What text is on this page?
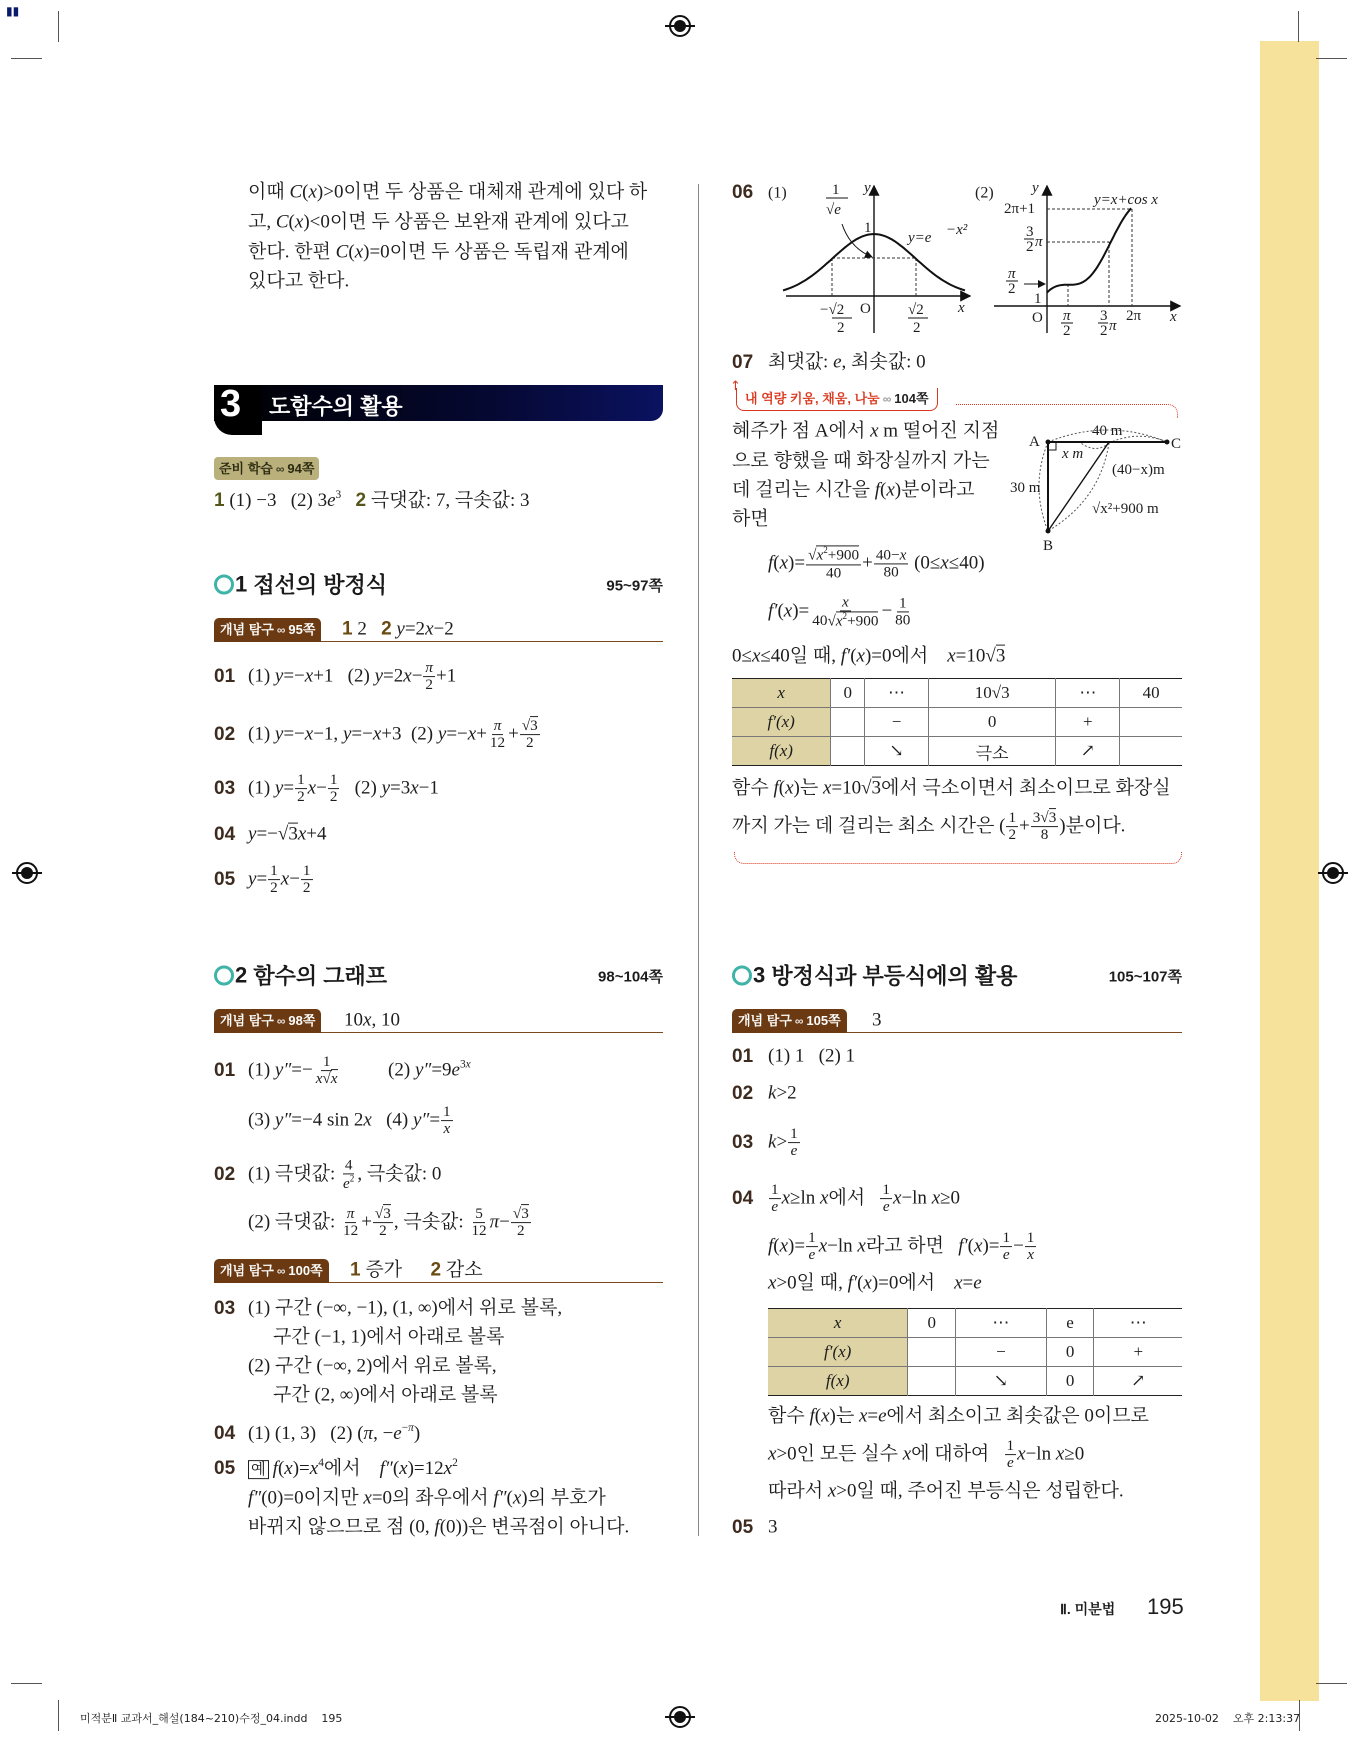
▮▮
이때 C(x)>0이면 두 상품은 대체재 관계에 있다 하
고, C(x)<0이면 두 상품은 보완재 관계에 있다고
한다. 한편 C(x)=0이면 두 상품은 독립재 관계에
있다고 한다.
3 도함수의 활용
준비 학습 ∞ 94쪽
1 (1) −3   (2) $3e^3$ 2 극댓값: 7, 극솟값: 3
1
접선의 방정식	95~97쪽
개념 탐구 ∞ 95쪽	1 2   2 y=2x−2
01 (1) y=−x+1   (2) $y=2x- \frac{\pi}{2} +1$
02 (1) y=−x−1, y=−x+3  (2) $y=-x+ \frac{\pi}{12}$ + √ $\frac{3}{2}$
03 (1) $y= \frac{1}{2} x- \frac{1}{2} (2)$ y=3x−1
04 y=− √ 3x+4
05 $y= \frac{1}{2} x- \frac{1}{2}$
2
함수의 그래프	98~104쪽
개념 탐구 ∞ 98쪽	10x, 10
01 (1) $y''=- \frac{1}{x √ x} (2)$ $y''=9e^{3x}$
(3) y″=−4 sin 2x   (4) $y''= \frac{1}{x}$
02 (1) 극댓값: $\frac{4}{e^2}$ , 극솟값: 0
(2) 극댓값: $\frac{\pi}{12}$ + √ $\frac{3}{2}$ , 극솟값: $\frac{5}{12} \pi-$ √ $\frac{3}{2}$
개념 탐구 ∞ 100쪽	1 증가      2 감소
03 (1) 구간 (−∞, −1), (1, ∞)에서 위로 볼록,
구간 (−1, 1)에서 아래로 볼록
(2) 구간 (−∞, 2)에서 위로 볼록,
구간 (2, ∞)에서 아래로 볼록
04 (1) (1, 3)   (2) (π, $-e^{-\pi}$)
05 예 $f(x)=x^4$에서    $f''(x)=12x^2$
f″(0)=0이지만 x=0의 좌우에서 f″(x)의 부호가
바뀌지 않으므로 점 (0, f(0))은 변곡점이 아니다.
06 (1)	(2)
y
x
O
1
1
√e
y=e −x²
−√2
2
√2
2
y
y=x+cos x
2π+1
3
2 π
π
2
1
O π
2
3
2 π
2π x
07 최댓값: e, 최솟값: 0
내 역량 키움, 채움, 나눔 ∞ 104쪽
↑
혜주가 점 A에서 x m 떨어진 지점
으로 향했을 때 화장실까지 가는
데 걸리는 시간을 f(x)분이라고
하면
A	C
B
40 m
x m
(40−x)m
30 m
√x²+900 m
f(x)= √ $\frac{x^2+900}{40} + \frac{40-x}{80} (0\le x\le 40)$
$f'(x)= \frac{x}{40 √ x^2+900} - \frac{1}{80}$
0≤x≤40일 때, f′(x)=0에서    x=10 √ 3
x	0	⋯	10√3	⋯	40
f′(x)		−	0	+	
f(x)		↘	극소	↗	
함수 f(x)는 x=10 √ 3에서 극소이면서 최소이므로 화장실
까지 가는 데 걸리는 최소 시간은 ( $\frac{1}{2} + \frac{3 √ 3}{8}$ )분이다.
3
방정식과 부등식에의 활용	105~107쪽
개념 탐구 ∞ 105쪽	3
01 (1) 1   (2) 1
02 k>2
03 $k> \frac{1}{e}$
$04 \frac{1}{e} x\ge\ln$ x에서 $\frac{1}{e} x-\ln$ x≥0
$f(x)= \frac{1}{e} x-\ln$ x라고 하면   $f'(x)= \frac{1}{e} - \frac{1}{x}$
x>0일 때, f′(x)=0에서    x=e
x	0	⋯	e	⋯
f′(x)		−	0	+
f(x)		↘	0	↗
함수 f(x)는 x=e에서 최소이고 최솟값은 0이므로
x>0인 모든 실수 x에 대하여 $\frac{1}{e} x-\ln$ x≥0
따라서 x>0일 때, 주어진 부등식은 성립한다.
05 3
Ⅱ. 미분법 195
미적분Ⅱ 교과서_해설(184~210)수정_04.indd    195	2025-10-02    오후 2:13:37
